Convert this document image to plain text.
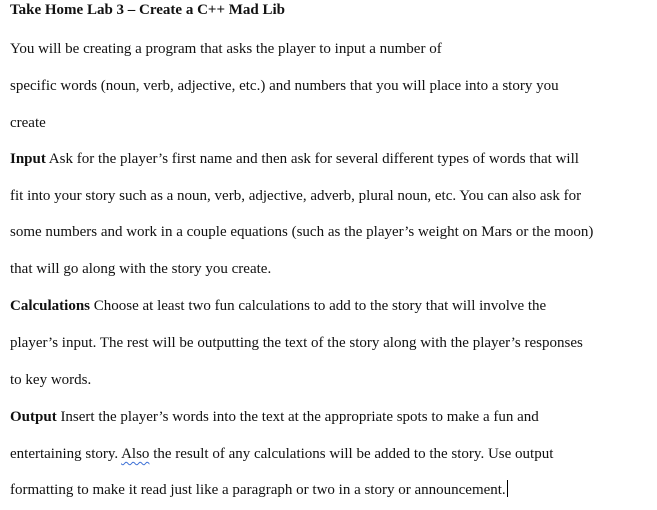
Take Home Lab 3 – Create a C++ Mad Lib
You will be creating a program that asks the player to input a number of
specific words (noun, verb, adjective, etc.) and numbers that you will place into a story you
create
Input Ask for the player’s first name and then ask for several different types of words that will
fit into your story such as a noun, verb, adjective, adverb, plural noun, etc. You can also ask for
some numbers and work in a couple equations (such as the player’s weight on Mars or the moon)
that will go along with the story you create.
Calculations Choose at least two fun calculations to add to the story that will involve the
player’s input. The rest will be outputting the text of the story along with the player’s responses
to key words.
Output Insert the player’s words into the text at the appropriate spots to make a fun and
entertaining story. Also the result of any calculations will be added to the story. Use output
formatting to make it read just like a paragraph or two in a story or announcement.
